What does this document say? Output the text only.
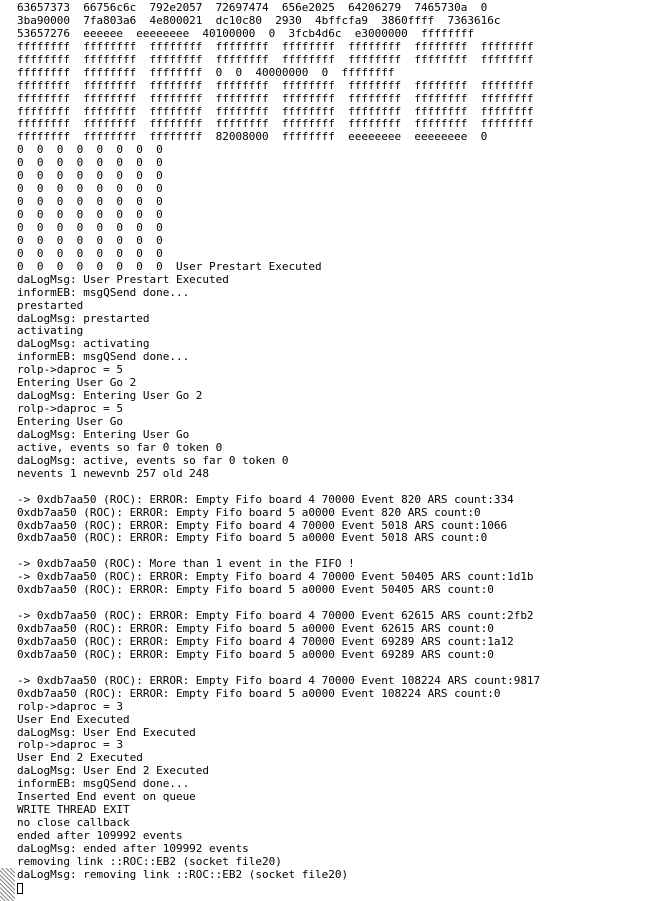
63657373  66756c6c  792e2057  72697474  656e2025  64206279  7465730a  0
3ba90000  7fa803a6  4e800021  dc10c80  2930  4bffcfa9  3860ffff  7363616c
53657276  eeeeee  eeeeeeee  40100000  0  3fcb4d6c  e3000000  ffffffff
ffffffff  ffffffff  ffffffff  ffffffff  ffffffff  ffffffff  ffffffff  ffffffff
ffffffff  ffffffff  ffffffff  ffffffff  ffffffff  ffffffff  ffffffff  ffffffff
ffffffff  ffffffff  ffffffff  0  0  40000000  0  ffffffff
ffffffff  ffffffff  ffffffff  ffffffff  ffffffff  ffffffff  ffffffff  ffffffff
ffffffff  ffffffff  ffffffff  ffffffff  ffffffff  ffffffff  ffffffff  ffffffff
ffffffff  ffffffff  ffffffff  ffffffff  ffffffff  ffffffff  ffffffff  ffffffff
ffffffff  ffffffff  ffffffff  ffffffff  ffffffff  ffffffff  ffffffff  ffffffff
ffffffff  ffffffff  ffffffff  82008000  ffffffff  eeeeeeee  eeeeeeee  0
0  0  0  0  0  0  0  0
0  0  0  0  0  0  0  0
0  0  0  0  0  0  0  0
0  0  0  0  0  0  0  0
0  0  0  0  0  0  0  0
0  0  0  0  0  0  0  0
0  0  0  0  0  0  0  0
0  0  0  0  0  0  0  0
0  0  0  0  0  0  0  0
0  0  0  0  0  0  0  0  User Prestart Executed
daLogMsg: User Prestart Executed
informEB: msgQSend done...
prestarted
daLogMsg: prestarted
activating
daLogMsg: activating
informEB: msgQSend done...
rolp->daproc = 5
Entering User Go 2
daLogMsg: Entering User Go 2
rolp->daproc = 5
Entering User Go
daLogMsg: Entering User Go
active, events so far 0 token 0
daLogMsg: active, events so far 0 token 0
nevents 1 newevnb 257 old 248
-> 0xdb7aa50 (ROC): ERROR: Empty Fifo board 4 70000 Event 820 ARS count:334
0xdb7aa50 (ROC): ERROR: Empty Fifo board 5 a0000 Event 820 ARS count:0
0xdb7aa50 (ROC): ERROR: Empty Fifo board 4 70000 Event 5018 ARS count:1066
0xdb7aa50 (ROC): ERROR: Empty Fifo board 5 a0000 Event 5018 ARS count:0
-> 0xdb7aa50 (ROC): More than 1 event in the FIFO !
-> 0xdb7aa50 (ROC): ERROR: Empty Fifo board 4 70000 Event 50405 ARS count:1d1b
0xdb7aa50 (ROC): ERROR: Empty Fifo board 5 a0000 Event 50405 ARS count:0
-> 0xdb7aa50 (ROC): ERROR: Empty Fifo board 4 70000 Event 62615 ARS count:2fb2
0xdb7aa50 (ROC): ERROR: Empty Fifo board 5 a0000 Event 62615 ARS count:0
0xdb7aa50 (ROC): ERROR: Empty Fifo board 4 70000 Event 69289 ARS count:1a12
0xdb7aa50 (ROC): ERROR: Empty Fifo board 5 a0000 Event 69289 ARS count:0
-> 0xdb7aa50 (ROC): ERROR: Empty Fifo board 4 70000 Event 108224 ARS count:9817
0xdb7aa50 (ROC): ERROR: Empty Fifo board 5 a0000 Event 108224 ARS count:0
rolp->daproc = 3
User End Executed
daLogMsg: User End Executed
rolp->daproc = 3
User End 2 Executed
daLogMsg: User End 2 Executed
informEB: msgQSend done...
Inserted End event on queue
WRITE THREAD EXIT
no close callback
ended after 109992 events
daLogMsg: ended after 109992 events
removing link ::ROC::EB2 (socket file20)
daLogMsg: removing link ::ROC::EB2 (socket file20)
